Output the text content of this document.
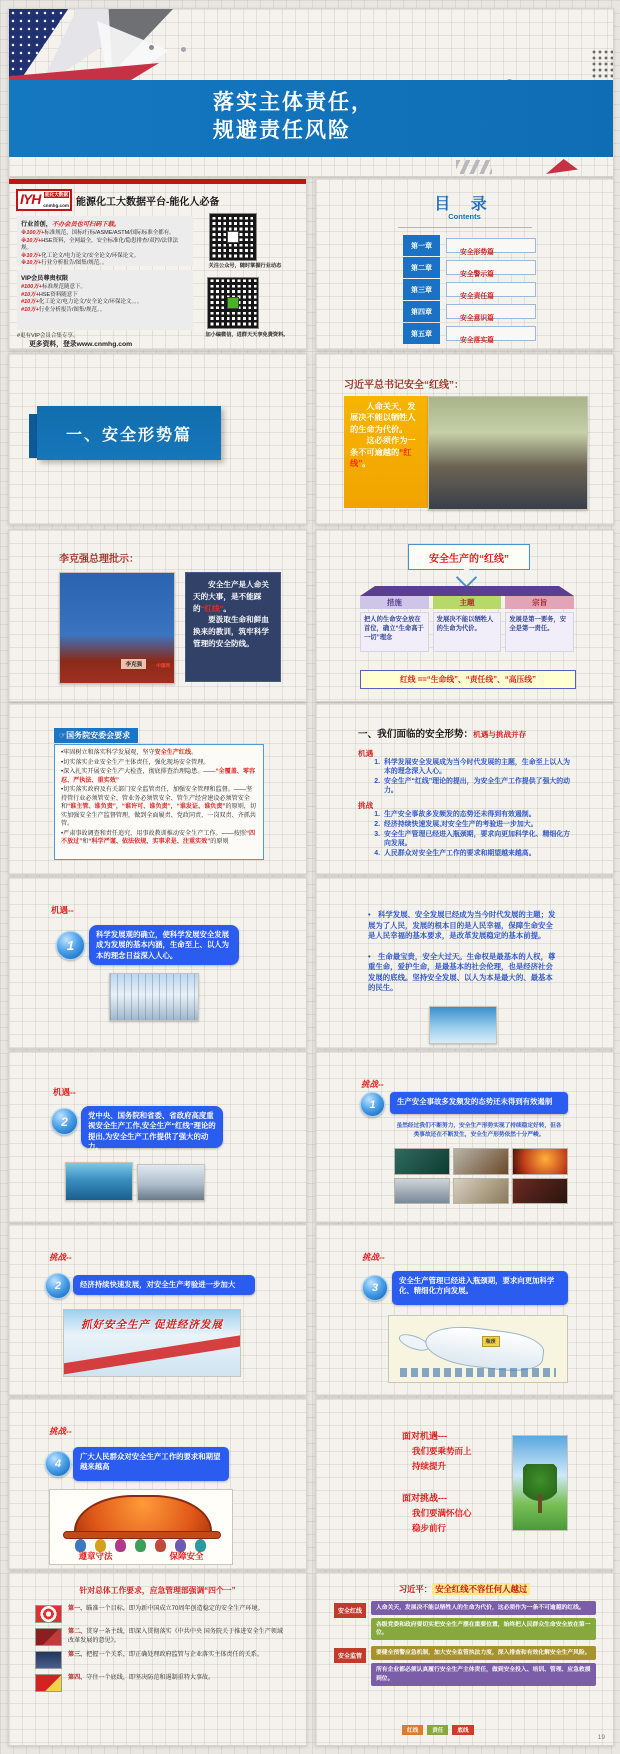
落实主体责任，
规避责任风险
IYH 能化大数据
cnmhg.com 能源化工大数据平台-能化人必备
行业首创，不办会员也可扫码下载。
※100万+标准规范，国标/行标/ASME/ASTM/国际标准全都有。
※10万+HSE资料，全网最全，安全标准化/隐患排查/双控/法律法规。
※10万+化工论文/电力论文/安全论文/环保论文。
※10万+行业分析报告/图集/规范。。
VIP会员尊贵权限
#100万+标准规范随意下。
#10万+HSE资料随意下
#10万+化工论文/电力论文/安全论文/环保论文。。。
#10万+行业分析报告/图集/规范。。
#更有VIP会员合集专享。
更多资料，登录www.cnmhg.com
关注公众号，随时掌握行业动态
加小编微信，进群天天享免费资料。
目 录
Contents
第一章
安全形势篇
第二章
安全警示篇
第三章
安全责任篇
第四章
安全意识篇
第五章
安全落实篇
一、安全形势篇
习近平总书记安全“红线”：
　　人命关天，发展决不能以牺牲人的生命为代价。
　　这必须作为一条不可逾越的“红线”。
李克强总理批示：
李克强	中国网
　　安全生产是人命关天的大事，是不能踩的“红线”。
　　要汲取生命和鲜血换来的教训，筑牢科学管理的安全防线。
安全生产的“红线”
措施
把人的生命安全放在首位，确立“生命高于一切”理念
主题
发展决不能以牺牲人的生命为代价。
宗旨
发展是第一要务，安全是第一责任。
红线 ==“生命线”、“责任线”、“高压线”
☞国务院安委会要求
•牢固树立和落实科学发展观，坚守安全生产红线。
•切实落实企业安全生产主体责任，强化现场安全管理。
•深入扎实开展安全生产大检查，彻底排查治理隐患。——“全覆盖、零容忍、严执法、重实效”
•切实落实政府及有关部门安全监管责任，加强安全管理和监督。——坚持管行业必须管安全、管业务必须管安全、管生产经营建设必须管安全和“谁主管、谁负责”，“谁许可、谁负责”，“谁发证、谁负责”的原则，切实加强安全生产监督管理，做到全面履责、党政同责、一岗双责、齐抓共管。
•严肃事故调查和责任追究，用事故教训推动安全生产工作。——按照“四不放过”和“科学严谨、依法依规、实事求是、注重实效”的原则
一、我们面临的安全形势：机遇与挑战并存
机遇
1. 科学发展安全发展成为当今时代发展的主题，生命至上以人为本的理念深入人心。
2. 安全生产“红线”理论的提出，为安全生产工作提供了强大的动力。
挑战
1. 生产安全事故多发频发的态势还未得到有效遏制。
2. 经济持续快速发展,对安全生产的考验进一步加大。
3. 安全生产管理已经进入瓶颈期，要求向更加科学化、精细化方向发展。
4. 人民群众对安全生产工作的要求和期望越来越高。
机遇--
1
科学发展观的确立，使科学发展安全发展成为发展的基本内涵，生命至上、以人为本的理念日益深入人心。

•　科学发展、安全发展已经成为当今时代发展的主题；发展为了人民，发展的根本目的是人民幸福，保障生命安全是人民幸福的基本要求，是改革发展稳定的基本前提。

•　生命最宝贵，安全大过天。生命权是最基本的人权，尊重生命，爱护生命，是最基本的社会伦理，也是经济社会发展的底线。坚持安全发展、以人为本是最大的、最基本的民生。

机遇--
2	党中央、国务院和省委、省政府高度重视安全生产工作,安全生产“红线”理论的提出,为安全生产工作提供了强大的动力。
挑战--
1	生产安全事故多发频发的态势还未得到有效遏制
虽然经过我们不断努力，安全生产形势实现了持续稳定好转，但各类事故还在不断发生，安全生产形势依然十分严峻。
挑战--
2	经济持续快速发展，对安全生产考验进一步加大
抓好安全生产 促进经济发展
挑战--
3
安全生产管理已经进入瓶颈期，要求向更加科学化、精细化方向发展。
瓶颈
挑战--
4
广大人民群众对安全生产工作的要求和期望越来越高
遵章守法	保障安全
面对机遇---
我们要乘势而上
持续提升
面对挑战---
我们要满怀信心
稳步前行
针对总体工作要求，应急管理部强调“四个一”

第一、瞄准一个目标，即为新中国成立70周年创造稳定的安全生产环境。

第二、贯穿一条主线，即深入贯彻落实《中共中央 国务院关于推进安全生产领域改革发展的意见》。

第三、把握一个关系，即正确处理政府监管与企业落实主体责任的关系。

第四、守住一个底线，即坚决防范和遏制重特大事故。

习近平： 安全红线不容任何人越过
安全红线
人命关天，发展决不能以牺牲人的生命为代价，这必须作为一条不可逾越的红线。
各级党委和政府要切实把安全生产摆在重要位置，始终把人民群众生命安全放在第一位。
安全监管
要健全预警应急机制，加大安全监管执法力度，深入排查和有效化解安全生产风险。
所有企业都必须认真履行安全生产主体责任，做到安全投入、培训、管理、应急救援到位。
红线	责任	底线
19
